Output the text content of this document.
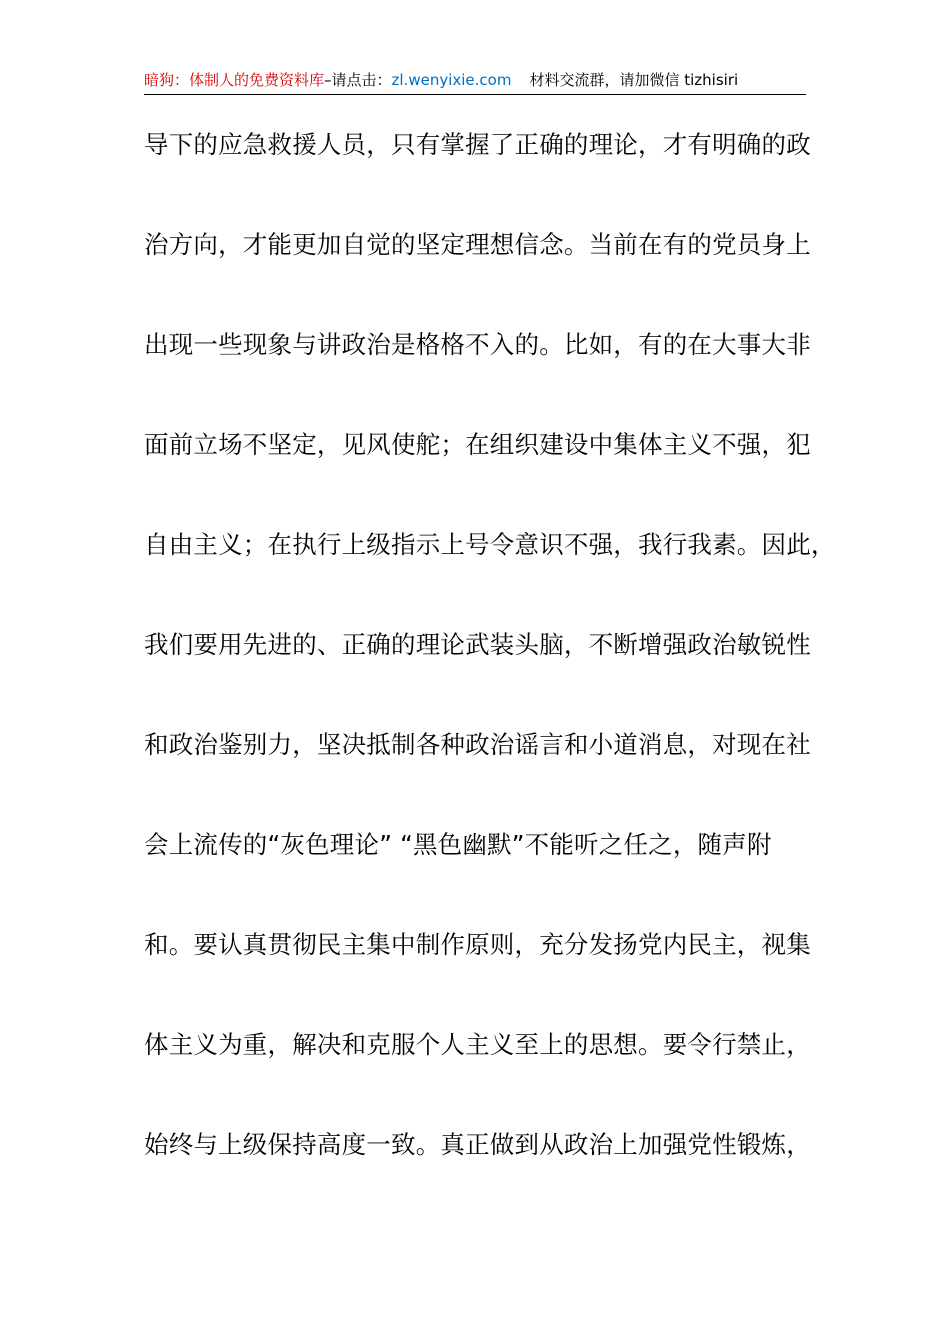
暗狗：体制人的免费资料库–请点击：zl.wenyixie.com 材料交流群，请加微信 tizhisiri
导下的应急救援人员，只有掌握了正确的理论，才有明确的政
治方向，才能更加自觉的坚定理想信念。当前在有的党员身上
出现一些现象与讲政治是格格不入的。比如，有的在大事大非
面前立场不坚定，见风使舵；在组织建设中集体主义不强，犯
自由主义；在执行上级指示上号令意识不强，我行我素。因此，
我们要用先进的、正确的理论武装头脑，不断增强政治敏锐性
和政治鉴别力，坚决抵制各种政治谣言和小道消息，对现在社
会上流传的“灰色理论” “黑色幽默”不能听之任之，随声附
和。要认真贯彻民主集中制作原则，充分发扬党内民主，视集
体主义为重，解决和克服个人主义至上的思想。要令行禁止，
始终与上级保持高度一致。真正做到从政治上加强党性锻炼，
